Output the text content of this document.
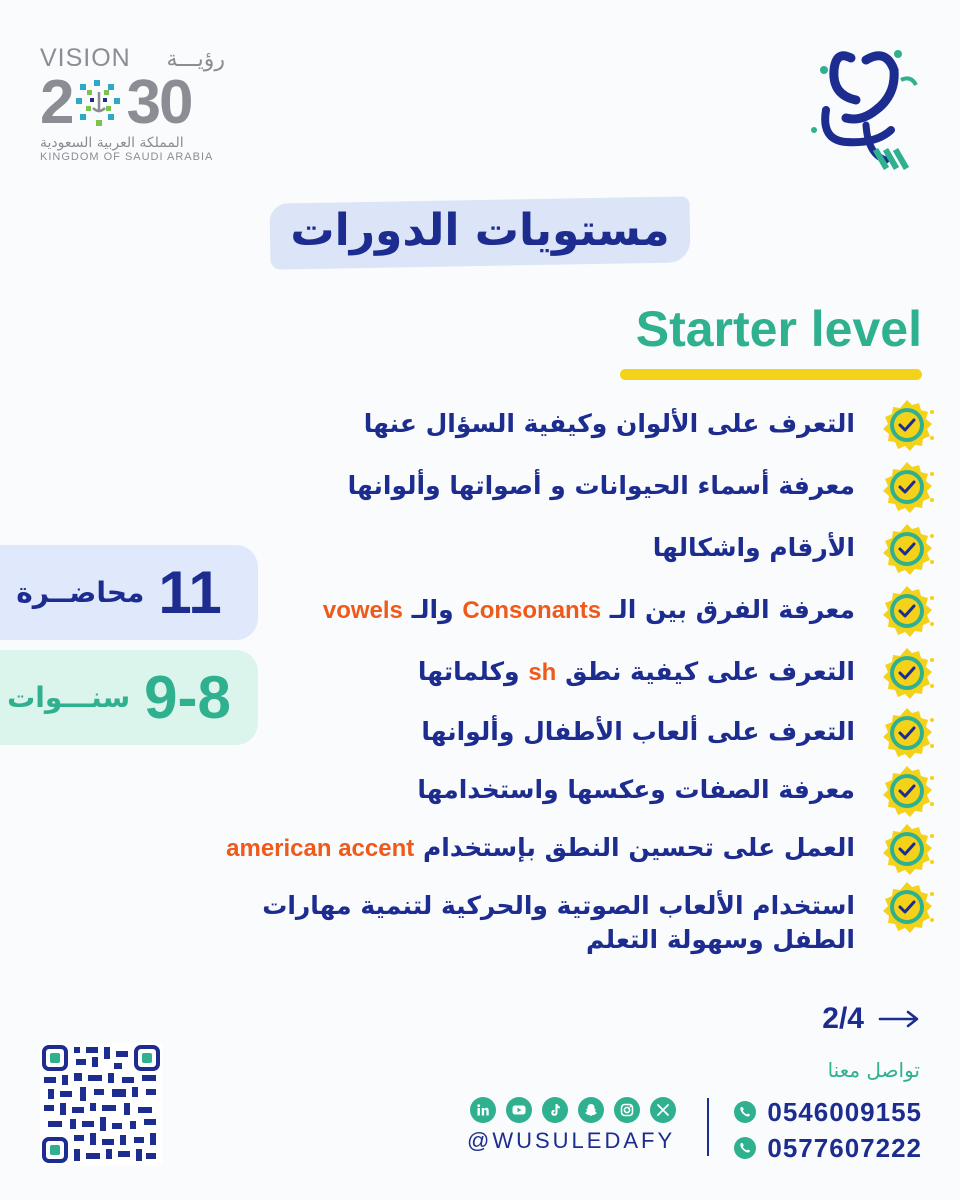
VISION رؤيـــة
2 30
المملكة العربية السعودية
KINGDOM OF SAUDI ARABIA
مستويات الدورات
Starter level
التعرف على الألوان وكيفية السؤال عنها
معرفة أسماء الحيوانات و أصواتها وألوانها
الأرقام واشكالها
معرفة الفرق بين الـ Consonants والـ vowels
التعرف على كيفية نطق sh وكلماتها
التعرف على ألعاب الأطفال وألوانها
معرفة الصفات وعكسها واستخدامها
العمل على تحسين النطق بإستخدام american accent
استخدام الألعاب الصوتية والحركية لتنمية مهارات
الطفل وسهولة التعلم
11
محاضــرة
9-8
سنـــوات
2/4
تواصل معنا
0546009155
0577607222
@WUSULEDAFY
